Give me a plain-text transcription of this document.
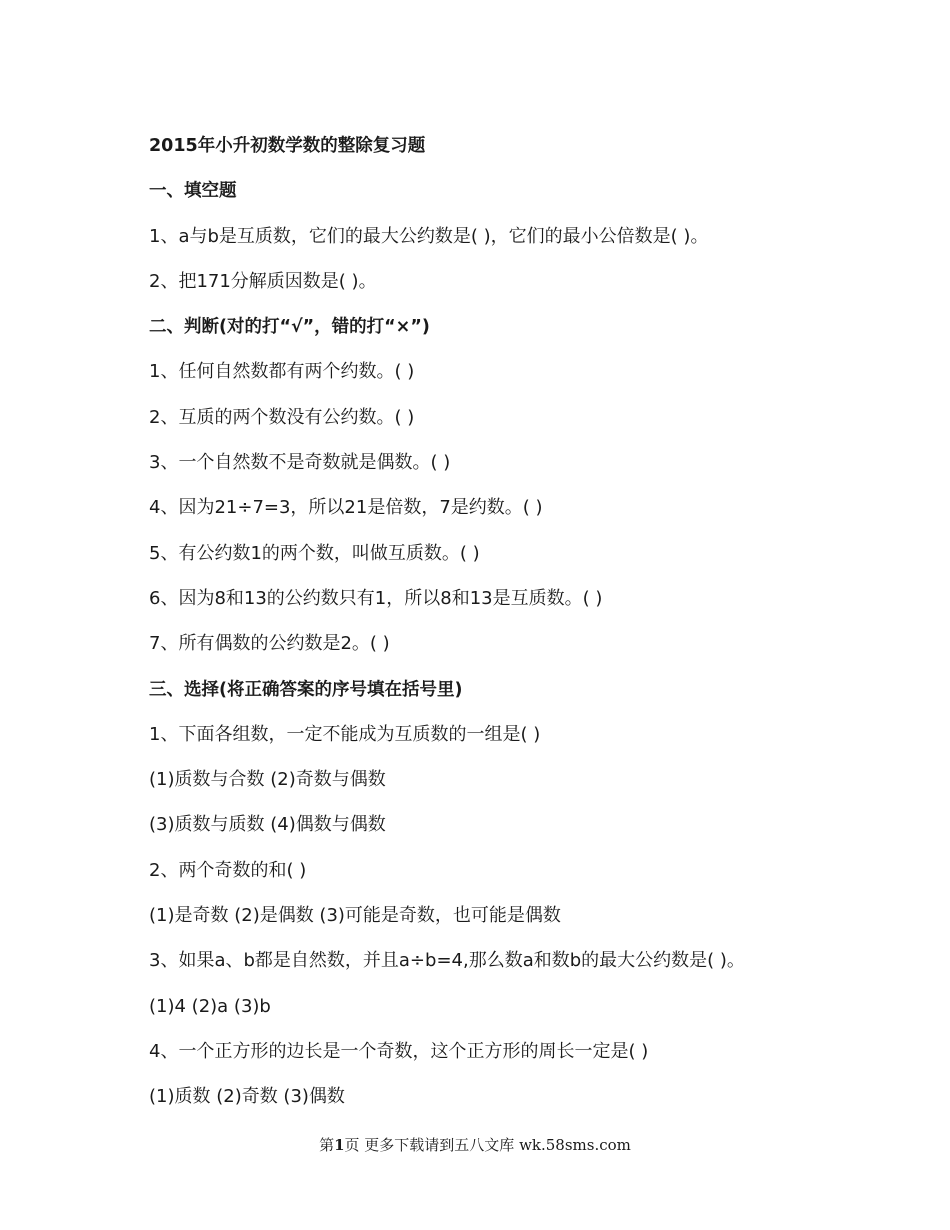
2015年小升初数学数的整除复习题
一、填空题
1、a与b是互质数，它们的最大公约数是( )，它们的最小公倍数是( )。
2、把171分解质因数是( )。
二、判断(对的打“√”，错的打“×”)
1、任何自然数都有两个约数。( )
2、互质的两个数没有公约数。( )
3、一个自然数不是奇数就是偶数。( )
4、因为21÷7=3，所以21是倍数，7是约数。( )
5、有公约数1的两个数，叫做互质数。( )
6、因为8和13的公约数只有1，所以8和13是互质数。( )
7、所有偶数的公约数是2。( )
三、选择(将正确答案的序号填在括号里)
1、下面各组数，一定不能成为互质数的一组是( )
(1)质数与合数 (2)奇数与偶数
(3)质数与质数 (4)偶数与偶数
2、两个奇数的和( )
(1)是奇数 (2)是偶数 (3)可能是奇数，也可能是偶数
3、如果a、b都是自然数，并且a÷b=4,那么数a和数b的最大公约数是( )。
(1)4 (2)a (3)b
4、一个正方形的边长是一个奇数，这个正方形的周长一定是( )
(1)质数 (2)奇数 (3)偶数
第1页 更多下载请到五八文库 wk.58sms.com
